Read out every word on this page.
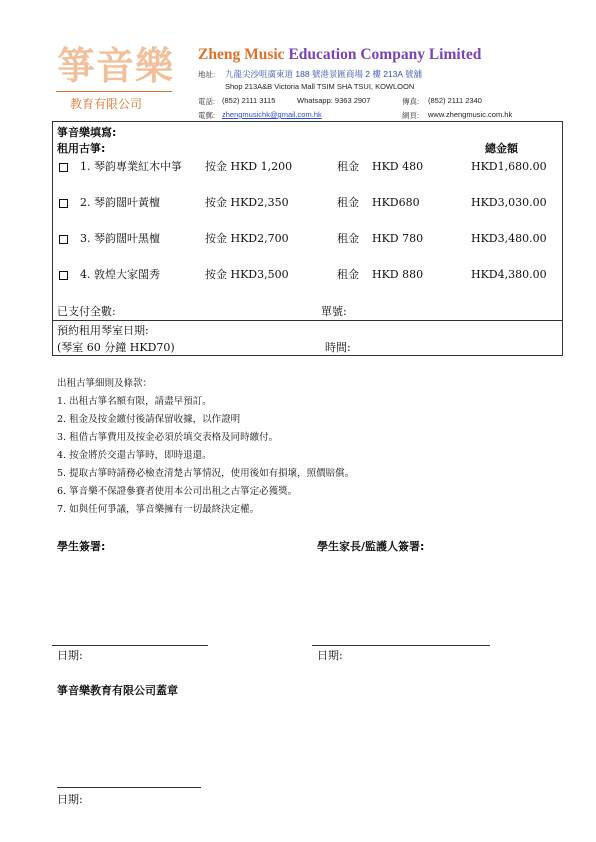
箏音樂
教育有限公司
Zheng Music Education Company Limited
地址: 九龍尖沙咀廣東道 188 號港景匯商場 2 樓 213A 號舖
Shop 213A&B Victoria Mall TSIM SHA TSUI, KOWLOON
電話: (852) 2111 3115	Whatsapp: 9363 2907	傳真: (852) 2111 2340
電郵: zhengmusichk@gmail.com.hk	網頁: www.zhengmusic.com.hk
箏音樂填寫:
租用古箏:	總金額
1. 琴韵專業紅木中箏 按金 HKD 1,200	租金 HKD 480	HKD1,680.00
2. 琴韵闊叶黃檀	按金 HKD2,350	租金 HKD680	HKD3,030.00
3. 琴韵闊叶黑檀	按金 HKD2,700	租金 HKD 780	HKD3,480.00
4. 敦煌大家閨秀	按金 HKD3,500	租金 HKD 880	HKD4,380.00
已支付全數:	單號:
預約租用琴室日期:
(琴室 60 分鐘 HKD70)	時間:
出租古箏細則及條款：
1. 出租古箏名額有限，請盡早預訂。
2. 租金及按金繳付後請保留收據，以作證明
3. 租借古箏費用及按金必須於填交表格及同時繳付。
4. 按金將於交還古箏時，即時退還。
5. 提取古箏時請務必檢查清楚古箏情況，使用後如有損壞，照價賠償。
6. 箏音樂不保證參賽者使用本公司出租之古箏定必獲獎。
7. 如與任何爭議，箏音樂擁有一切最終決定權。
學生簽署:	學生家長/監護人簽署:
日期:	日期:
箏音樂教育有限公司蓋章
日期:
